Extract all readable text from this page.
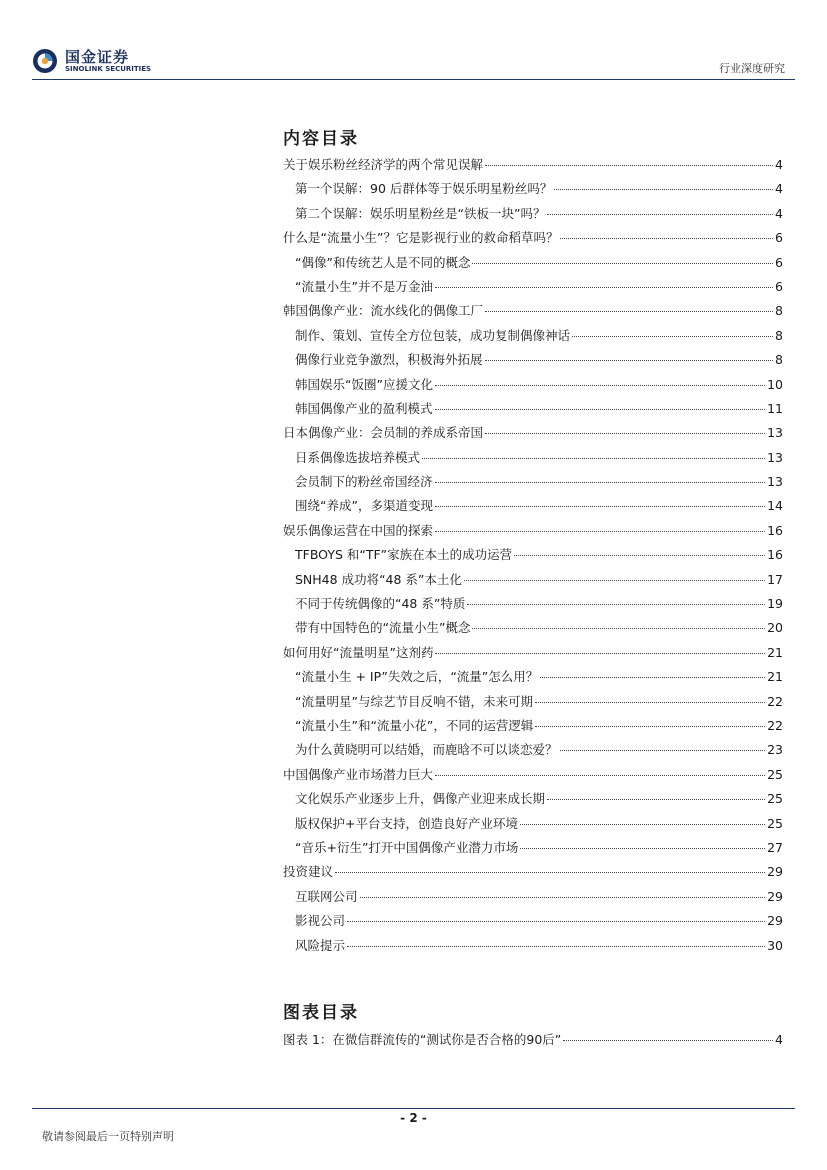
国金证券
SINOLINK SECURITIES	行业深度研究
内容目录
关于娱乐粉丝经济学的两个常见误解	4
第一个误解：90 后群体等于娱乐明星粉丝吗？	4
第二个误解：娱乐明星粉丝是“铁板一块”吗？	4
什么是“流量小生”？它是影视行业的救命稻草吗？	6
“偶像”和传统艺人是不同的概念	6
“流量小生”并不是万金油	6
韩国偶像产业：流水线化的偶像工厂	8
制作、策划、宣传全方位包装，成功复制偶像神话	8
偶像行业竞争激烈，积极海外拓展	8
韩国娱乐“饭圈”应援文化	10
韩国偶像产业的盈利模式	11
日本偶像产业：会员制的养成系帝国	13
日系偶像选拔培养模式	13
会员制下的粉丝帝国经济	13
围绕“养成”，多渠道变现	14
娱乐偶像运营在中国的探索	16
TFBOYS 和“TF”家族在本土的成功运营	16
SNH48 成功将“48 系”本土化	17
不同于传统偶像的“48 系”特质	19
带有中国特色的“流量小生”概念	20
如何用好“流量明星”这剂药	21
“流量小生 + IP”失效之后，“流量”怎么用？	21
“流量明星”与综艺节目反响不错，未来可期	22
“流量小生”和“流量小花”，不同的运营逻辑	22
为什么黄晓明可以结婚，而鹿晗不可以谈恋爱？	23
中国偶像产业市场潜力巨大	25
文化娱乐产业逐步上升，偶像产业迎来成长期	25
版权保护+平台支持，创造良好产业环境	25
“音乐+衍生”打开中国偶像产业潜力市场	27
投资建议	29
互联网公司	29
影视公司	29
风险提示	30
图表目录
图表 1：在微信群流传的“测试你是否合格的90后”	4
- 2 -
敬请参阅最后一页特别声明
